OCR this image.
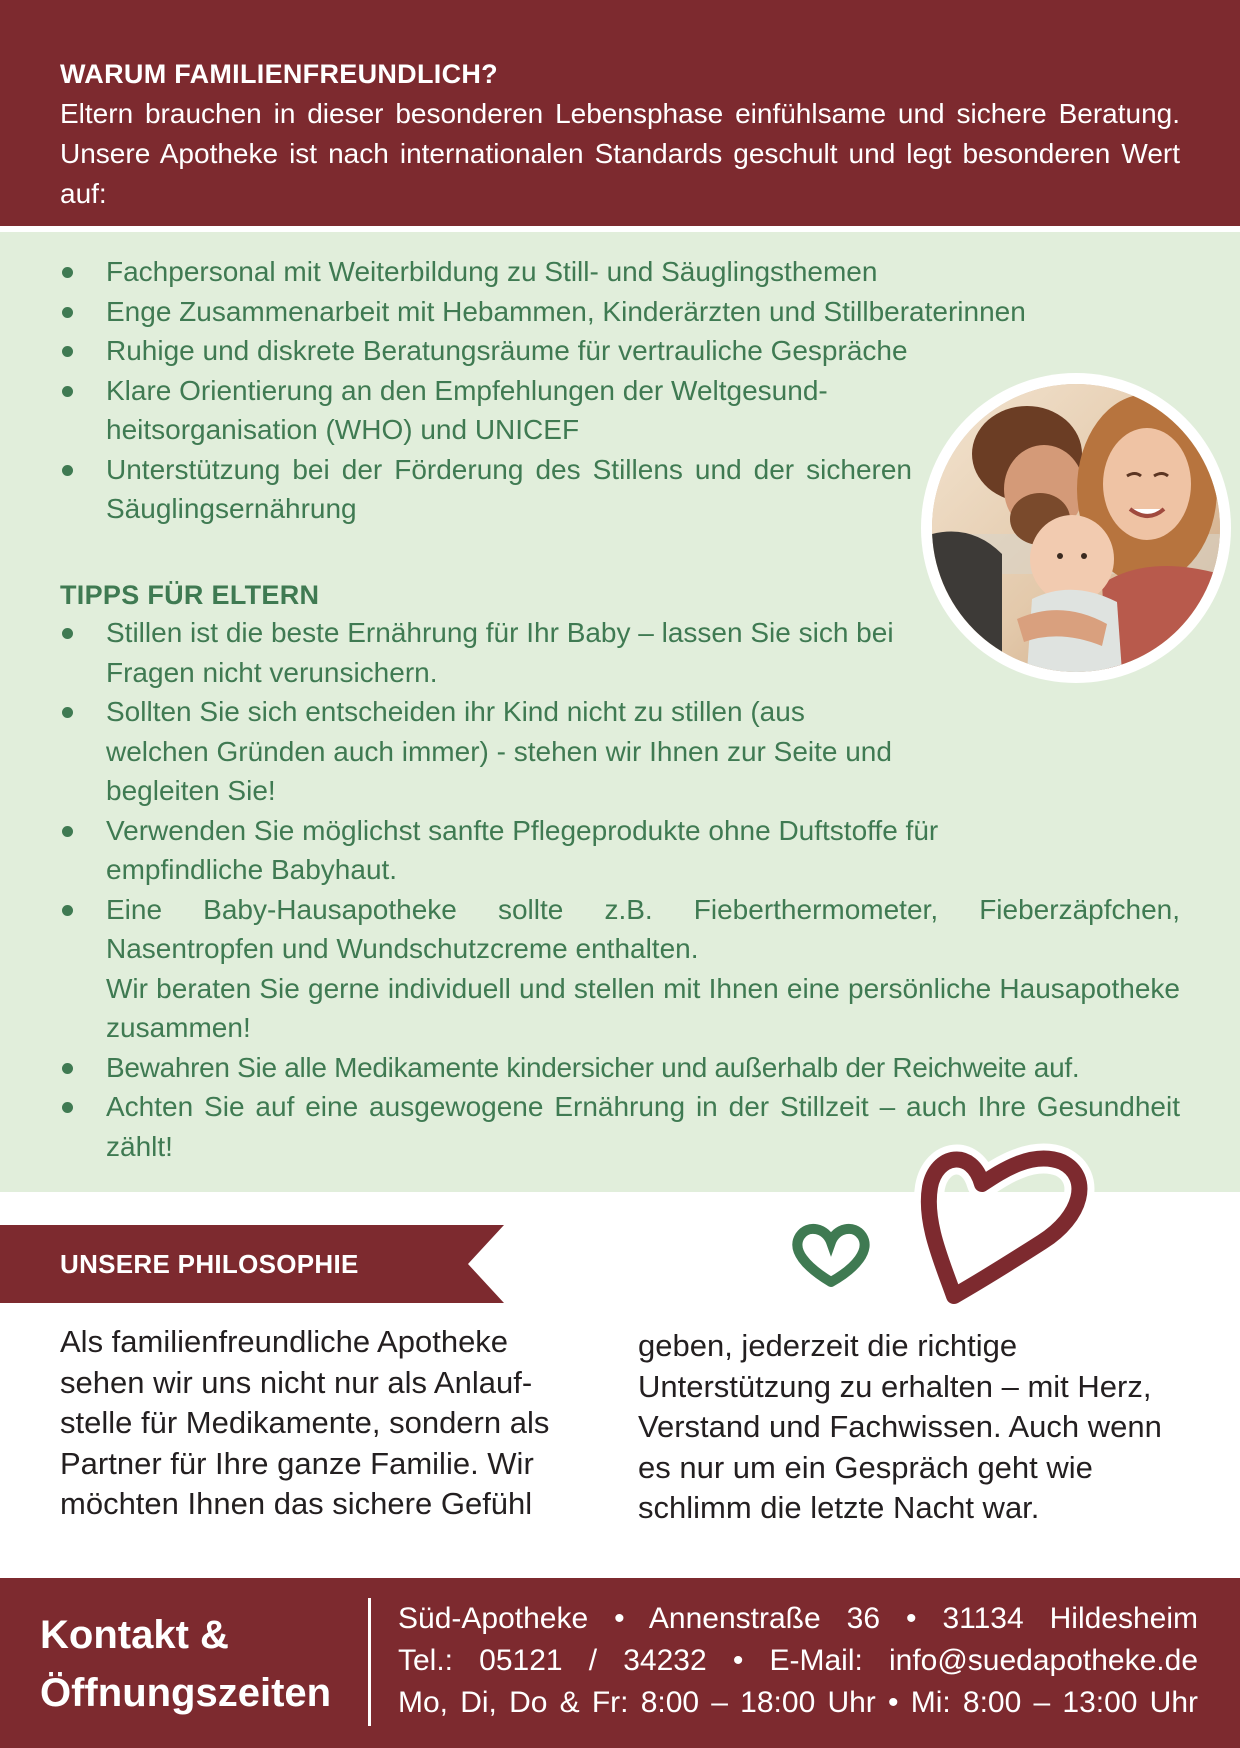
WARUM FAMILIENFREUNDLICH?

Eltern brauchen in dieser besonderen Lebensphase einfühlsame und sichere Beratung. Unsere Apotheke ist nach internationalen Standards geschult und legt besonderen Wert auf:

Fachpersonal mit Weiterbildung zu Still- und Säuglingsthemen
Enge Zusammenarbeit mit Hebammen, Kinderärzten und Stillberaterinnen
Ruhige und diskrete Beratungsräume für vertrauliche Gespräche
Klare Orientierung an den Empfehlungen der Weltgesund-heitsorganisation (WHO) und UNICEF
Unterstützung bei der Förderung des Stillens und der sicheren Säuglingsernährung
TIPPS FÜR ELTERN
Stillen ist die beste Ernährung für Ihr Baby – lassen Sie sich bei Fragen nicht verunsichern.
Sollten Sie sich entscheiden ihr Kind nicht zu stillen (aus welchen Gründen auch immer) - stehen wir Ihnen zur Seite und begleiten Sie!
Verwenden Sie möglichst sanfte Pflegeprodukte ohne Duftstoffe für empfindliche Babyhaut.
Eine Baby-Hausapotheke sollte z.B. Fieberthermometer, Fieberzäpfchen, Nasentropfen und Wundschutzcreme enthalten.
Wir beraten Sie gerne individuell und stellen mit Ihnen eine persönliche Hausapotheke zusammen!
Bewahren Sie alle Medikamente kindersicher und außerhalb der Reichweite auf.
Achten Sie auf eine ausgewogene Ernährung in der Stillzeit – auch Ihre Gesundheit zählt!
UNSERE PHILOSOPHIE

Als familienfreundliche Apotheke sehen wir uns nicht nur als Anlauf-stelle für Medikamente, sondern als Partner für Ihre ganze Familie. Wir möchten Ihnen das sichere Gefühl

geben, jederzeit die richtige Unterstützung zu erhalten – mit Herz, Verstand und Fachwissen. Auch wenn es nur um ein Gespräch geht wie schlimm die letzte Nacht war.

Kontakt &
Öffnungszeiten
Süd-Apotheke • Annenstraße 36 • 31134 Hildesheim
Tel.: 05121 / 34232 • E-Mail: info@suedapotheke.de
Mo, Di, Do & Fr: 8:00 – 18:00 Uhr • Mi: 8:00 – 13:00 Uhr
